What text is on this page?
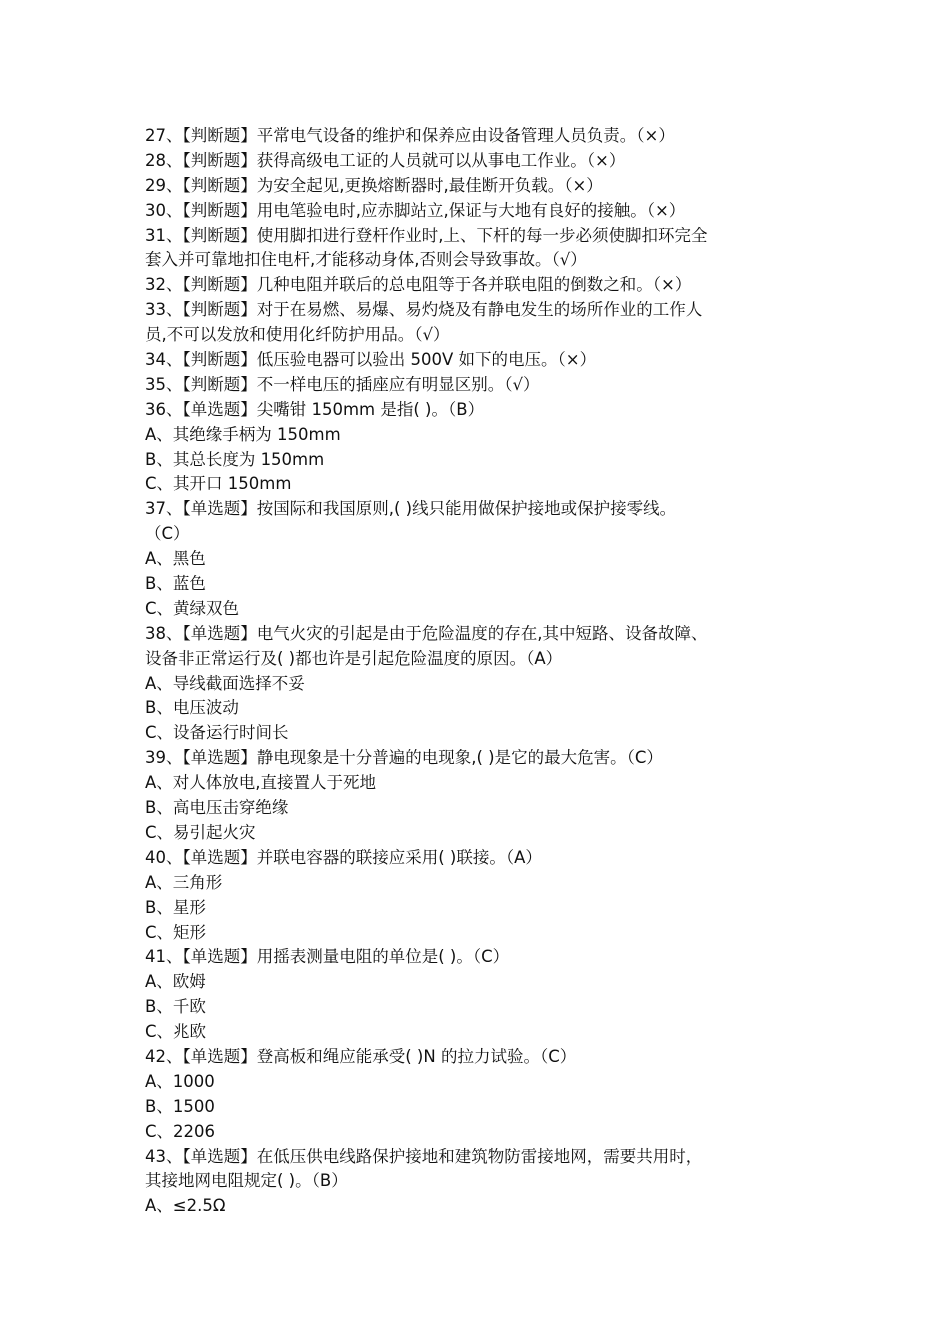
27、【判断题】平常电气设备的维护和保养应由设备管理人员负责。（×）
28、【判断题】获得高级电工证的人员就可以从事电工作业。（×）
29、【判断题】为安全起见,更换熔断器时,最佳断开负载。（×）
30、【判断题】用电笔验电时,应赤脚站立,保证与大地有良好的接触。（×）
31、【判断题】使用脚扣进行登杆作业时,上、下杆的每一步必须使脚扣环完全
套入并可靠地扣住电杆,才能移动身体,否则会导致事故。（√）
32、【判断题】几种电阻并联后的总电阻等于各并联电阻的倒数之和。（×）
33、【判断题】对于在易燃、易爆、易灼烧及有静电发生的场所作业的工作人
员,不可以发放和使用化纤防护用品。（√）
34、【判断题】低压验电器可以验出 500V 如下的电压。（×）
35、【判断题】不一样电压的插座应有明显区别。（√）
36、【单选题】尖嘴钳 150mm 是指( )。（B）
A、其绝缘手柄为 150mm
B、其总长度为 150mm
C、其开口 150mm
37、【单选题】按国际和我国原则,( )线只能用做保护接地或保护接零线。
（C）
A、黑色
B、蓝色
C、黄绿双色
38、【单选题】电气火灾的引起是由于危险温度的存在,其中短路、设备故障、
设备非正常运行及( )都也许是引起危险温度的原因。（A）
A、导线截面选择不妥
B、电压波动
C、设备运行时间长
39、【单选题】静电现象是十分普遍的电现象,( )是它的最大危害。（C）
A、对人体放电,直接置人于死地
B、高电压击穿绝缘
C、易引起火灾
40、【单选题】并联电容器的联接应采用( )联接。（A）
A、三角形
B、星形
C、矩形
41、【单选题】用摇表测量电阻的单位是( )。（C）
A、欧姆
B、千欧
C、兆欧
42、【单选题】登高板和绳应能承受( )N 的拉力试验。（C）
A、1000
B、1500
C、2206
43、【单选题】在低压供电线路保护接地和建筑物防雷接地网，需要共用时，
其接地网电阻规定( )。（B）
A、≤2.5Ω
